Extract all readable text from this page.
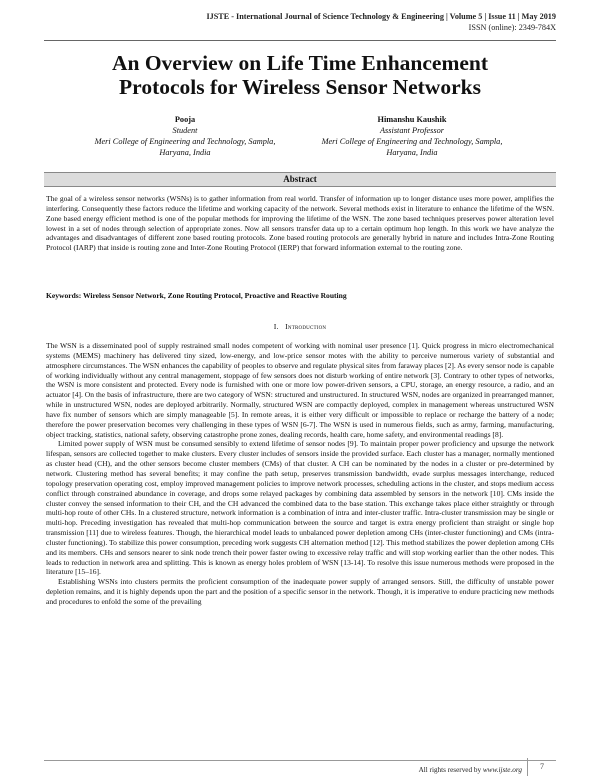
IJSTE - International Journal of Science Technology & Engineering | Volume 5 | Issue 11 | May 2019
ISSN (online): 2349-784X
An Overview on Life Time Enhancement
Protocols for Wireless Sensor Networks
Pooja
Student
Meri College of Engineering and Technology, Sampla,
Haryana, India
Himanshu Kaushik
Assistant Professor
Meri College of Engineering and Technology, Sampla,
Haryana, India
Abstract
The goal of a wireless sensor networks (WSNs) is to gather information from real world. Transfer of information up to longer distance uses more power, amplifies the interfering. Consequently these factors reduce the lifetime and working capacity of the network. Several methods exist in literature to enhance the lifetime of the WSN. Zone based energy efficient method is one of the popular methods for improving the lifetime of the WSN. The zone based techniques preserves power alteration level lowest in a set of nodes through selection of appropriate zones. Now all sensors transfer data up to a certain optimum hop length. In this work we have analyze the advantages and disadvantages of different zone based routing protocols. Zone based routing protocols are generally hybrid in nature and includes Intra-Zone Routing Protocol (IARP) that inside is routing zone and Inter-Zone Routing Protocol (IERP) that forward information external to the routing zone.
Keywords: Wireless Sensor Network, Zone Routing Protocol, Proactive and Reactive Routing
I. Introduction

The WSN is a disseminated pool of supply restrained small nodes competent of working with nominal user presence [1]. Quick progress in micro electromechanical systems (MEMS) machinery has delivered tiny sized, low-energy, and low-price sensor motes with the ability to perceive numerous variety of substantial and atmosphere circumstances. The WSN enhances the capability of peoples to observe and regulate physical sites from faraway places [2]. As every sensor node is capable of working individually without any central management, stoppage of few sensors does not disturb working of entire network [3]. Contrary to other types of networks, the WSN is more consistent and protected. Every node is furnished with one or more low power-driven sensors, a CPU, storage, an energy resource, a radio, and an actuator [4]. On the basis of infrastructure, there are two category of WSN: structured and unstructured. In structured WSN, nodes are organized in prearranged manner, while in unstructured WSN, nodes are deployed arbitrarily. Normally, structured WSN are compactly deployed, complex in management whereas unstructured WSN have fix number of sensors which are simply manageable [5]. In remote areas, it is either very difficult or impossible to replace or recharge the battery of a node; therefore the power preservation becomes very challenging in these types of WSN [6-7]. The WSN is used in numerous fields, such as army, farming, manufacturing, object tracking, statistics, national safety, observing catastrophe prone zones, dealing records, health care, home safety, and environmental readings [8].

Limited power supply of WSN must be consumed sensibly to extend lifetime of sensor nodes [9]. To maintain proper power proficiency and upsurge the network lifespan, sensors are collected together to make clusters. Every cluster includes of sensors inside the provided surface. Each cluster has a manager, normally mentioned as cluster head (CH), and the other sensors become cluster members (CMs) of that cluster. A CH can be nominated by the nodes in a cluster or pre-determined by network. Clustering method has several benefits; it may confine the path setup, preserves transmission bandwidth, evade surplus messages interchange, reduced topology preservation operating cost, employ improved management policies to improve network processes, scheduling actions in the cluster, and stops medium access conflict through constrained abundance in coverage, and drops some relayed packages by combining data assembled by sensors in the network [10]. CMs inside the cluster convey the sensed information to their CH, and the CH advanced the combined data to the base station. This exchange takes place either straightly or through multi-hop route of other CHs. In a clustered structure, network information is a combination of intra and inter-cluster traffic. Intra-cluster transmission may be single or multi-hop. Preceding investigation has revealed that multi-hop communication between the source and target is extra energy proficient than straight or single hop transmission [11] due to wireless features. Though, the hierarchical model leads to unbalanced power depletion among CHs (inter-cluster functioning) and CMs (intra-cluster functioning). To stabilize this power consumption, preceding work suggests CH alternation method [12]. This method stabilizes the power depletion among CHs and its members. CHs and sensors nearer to sink node trench their power faster owing to excessive relay traffic and will stop working earlier than the other nodes. This leads to reduction in network area and splitting. This is known as energy holes problem of WSN [13-14]. To resolve this issue numerous methods were proposed in the literature [15–16].

Establishing WSNs into clusters permits the proficient consumption of the inadequate power supply of arranged sensors. Still, the difficulty of unstable power depletion remains, and it is highly depends upon the part and the position of a specific sensor in the network. Though, it is imperative to endure practicing new methods and procedures to enfold the some of the prevailing

All rights reserved by www.ijste.org	7
